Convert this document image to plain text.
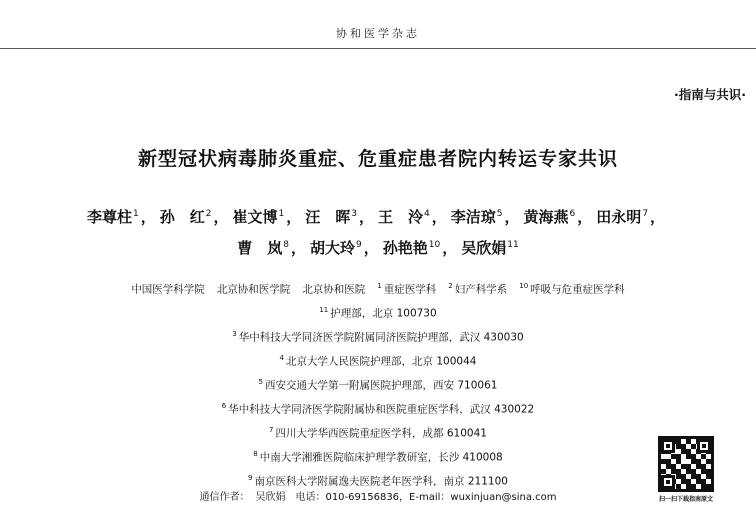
协和医学杂志
·指南与共识·
新型冠状病毒肺炎重症、危重症患者院内转运专家共识
李尊柱$^1$ ， 孙　红$^2$ ， 崔文博$^1$ ， 汪　晖$^3$ ， 王　泠$^4$ ， 李洁琼$^5$ ， 黄海燕$^6$ ， 田永明$^7$ ，
曹　岚$^8$ ， 胡大玲$^9$ ， 孙艳艳$^{10}$ ， 吴欣娟$^{11}$
中国医学科学院 北京协和医学院 北京协和医院 $^1$ 重症医学科 $^2$ 妇产科学系 $^{10}$ 呼吸与危重症医学科
$^{11}$ 护理部，北京 100730
$^3$ 华中科技大学同济医学院附属同济医院护理部，武汉 430030
$^4$ 北京大学人民医院护理部，北京 100044
$^5$ 西安交通大学第一附属医院护理部，西安 710061
$^6$ 华中科技大学同济医学院附属协和医院重症医学科，武汉 430022
$^7$ 四川大学华西医院重症医学科，成都 610041
$^8$ 中南大学湘雅医院临床护理学教研室，长沙 410008
$^9$ 南京医科大学附属逸夫医院老年医学科，南京 211100
通信作者： 吴欣娟 电话：010-69156836，E-mail：wuxinjuan@sina.com	扫一扫下载指南原文
